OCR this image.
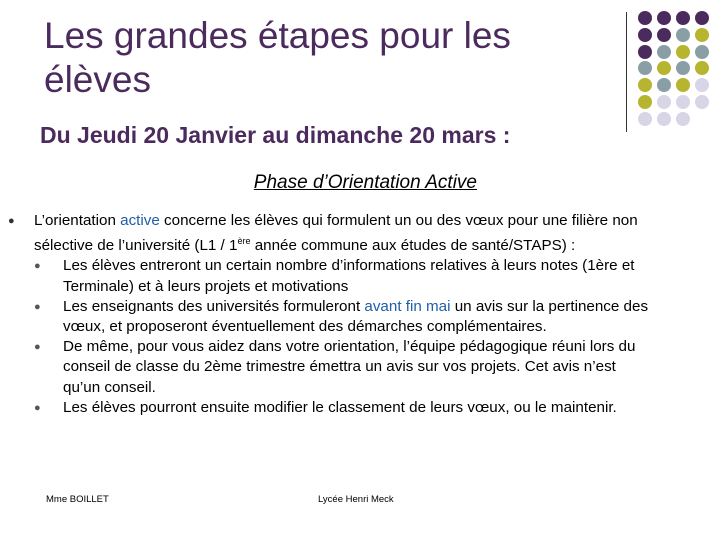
Les grandes étapes pour les élèves
Du Jeudi 20 Janvier au dimanche 20 mars :
Phase d’Orientation Active
● L’orientation active concerne les élèves qui formulent un ou des vœux pour une filière non sélective de l’université (L1 / 1ère année commune aux études de santé/STAPS) :
● Les élèves entreront un certain nombre d’informations relatives à leurs notes (1ère et Terminale) et à leurs projets et motivations
● Les enseignants des universités formuleront avant fin mai un avis sur la pertinence des vœux, et proposeront éventuellement des démarches complémentaires.
● De même, pour vous aidez dans votre orientation, l’équipe pédagogique réuni lors du conseil de classe du 2ème trimestre émettra un avis sur vos projets. Cet avis n’est qu’un conseil.
● Les élèves pourront ensuite modifier le classement de leurs vœux, ou le maintenir.
Mme BOILLET	Lycée Henri Meck
